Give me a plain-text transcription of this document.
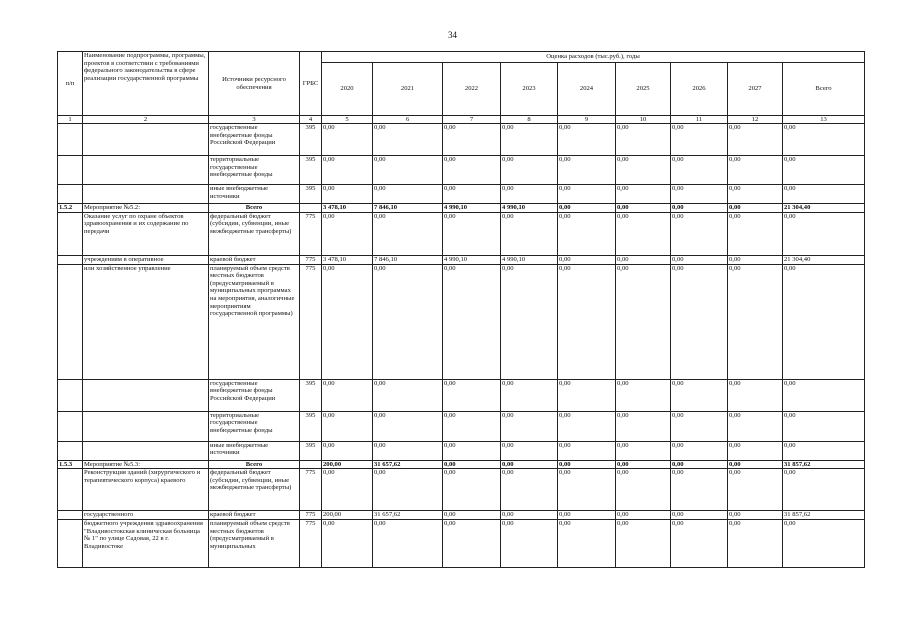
34
п/п	Наименование подпрограммы, программы, проектов в соответствии с требованиями федерального законодательства в сфере реализации государственной программы	Источники ресурсного обеспечения	ГРБС	Оценка расходов (тыс.руб.), годы								
				2020	2021	2022	2023	2024	2025	2026	2027	Всего
1	2	3	4	5	6	7	8	9	10	11	12	13
		государственные внебюджетные фонды Российской Федерации	395	0,00	0,00	0,00	0,00	0,00	0,00	0,00	0,00	0,00
		территориальные государственные внебюджетные фонды	395	0,00	0,00	0,00	0,00	0,00	0,00	0,00	0,00	0,00
		иные внебюджетные источники	395	0,00	0,00	0,00	0,00	0,00	0,00	0,00	0,00	0,00
1.5.2	Мероприятие №5.2:	Всего		3 478,10	7 846,10	4 990,10	4 990,10	0,00	0,00	0,00	0,00	21 304,40
	Оказание услуг по охране объектов здравоохранения и их содержание по передачи	федеральный бюджет (субсидии, субвенции, иные межбюджетные трансферты)	775	0,00	0,00	0,00	0,00	0,00	0,00	0,00	0,00	0,00
	учреждениям в оперативное	краевой бюджет	775	3 478,10	7 846,10	4 990,10	4 990,10	0,00	0,00	0,00	0,00	21 304,40
	или хозяйственное управление	планируемый объем средств местных бюджетов (предусматриваемый в муниципальных программах на мероприятия, аналогичные мероприятиям государственной программы)	775	0,00	0,00	0,00	0,00	0,00	0,00	0,00	0,00	0,00
		государственные внебюджетные фонды Российской Федерации	395	0,00	0,00	0,00	0,00	0,00	0,00	0,00	0,00	0,00
		территориальные государственные внебюджетные фонды	395	0,00	0,00	0,00	0,00	0,00	0,00	0,00	0,00	0,00
		иные внебюджетные источники	395	0,00	0,00	0,00	0,00	0,00	0,00	0,00	0,00	0,00
1.5.3	Мероприятие №5.3:	Всего		200,00	31 657,62	0,00	0,00	0,00	0,00	0,00	0,00	31 857,62
	Реконструкция зданий (хирургического и терапевтического корпуса) краевого	федеральный бюджет (субсидии, субвенции, иные межбюджетные трансферты)	775	0,00	0,00	0,00	0,00	0,00	0,00	0,00	0,00	0,00
	государственного	краевой бюджет	775	200,00	31 657,62	0,00	0,00	0,00	0,00	0,00	0,00	31 857,62
	бюджетного учреждения здравоохранения "Владивостокская клиническая больница № 1" по улице Садовая, 22 в г. Владивостоке	планируемый объем средств местных бюджетов (предусматриваемый в муниципальных	775	0,00	0,00	0,00	0,00	0,00	0,00	0,00	0,00	0,00
